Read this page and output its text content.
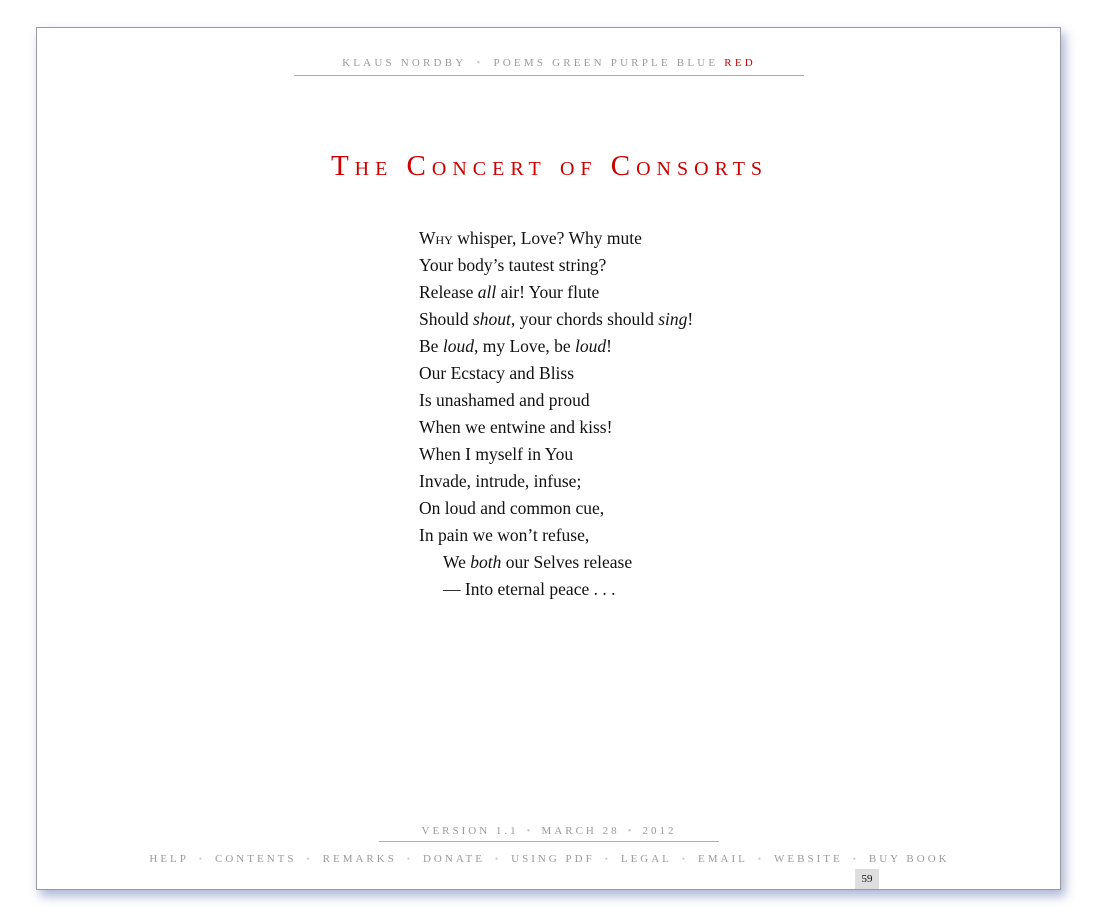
KLAUS NORDBY • POEMS GREEN PURPLE BLUE RED
The Concert of Consorts
Why whisper, Love? Why mute
Your body’s tautest string?
Release all air! Your flute
Should shout, your chords should sing!
Be loud, my Love, be loud!
Our Ecstacy and Bliss
Is unashamed and proud
When we entwine and kiss!
When I myself in You
Invade, intrude, infuse;
On loud and common cue,
In pain we won’t refuse,
We both our Selves release
— Into eternal peace . . .
VERSION 1.1 • MARCH 28 • 2012
HELP • CONTENTS • REMARKS • DONATE • USING PDF • LEGAL • EMAIL • WEBSITE • BUY BOOK
59
